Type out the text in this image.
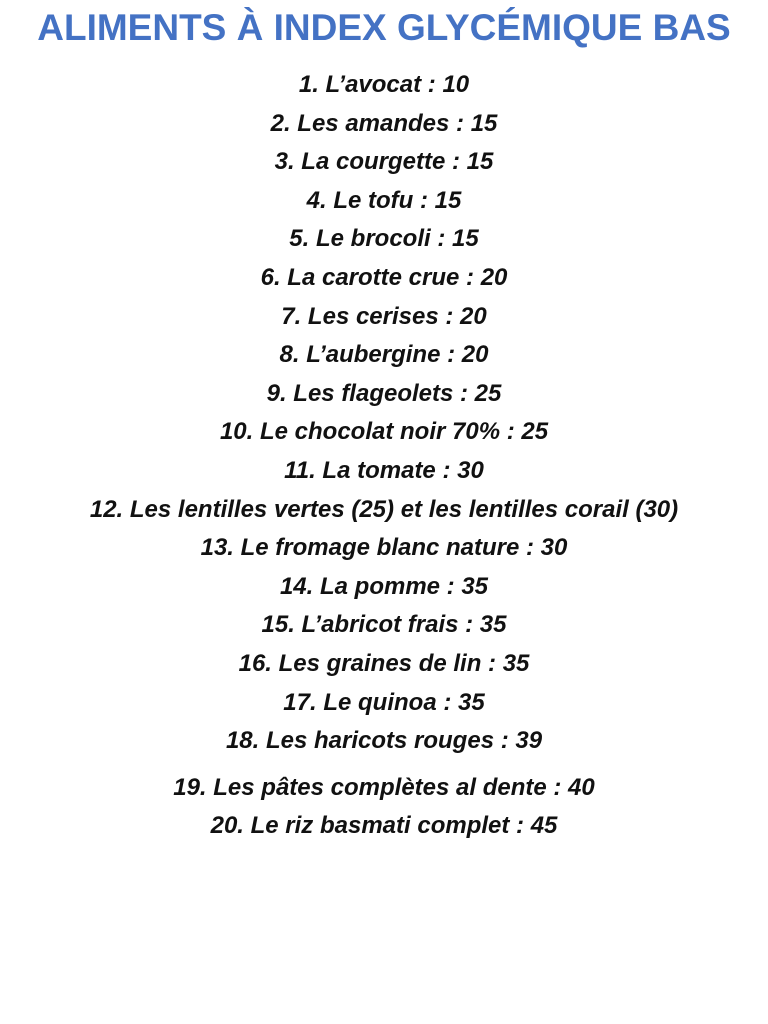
ALIMENTS À INDEX GLYCÉMIQUE BAS
1. L’avocat : 10
2. Les amandes : 15
3. La courgette : 15
4. Le tofu : 15
5. Le brocoli : 15
6. La carotte crue : 20
7. Les cerises : 20
8. L’aubergine : 20
9. Les flageolets : 25
10. Le chocolat noir 70% : 25
11. La tomate : 30
12. Les lentilles vertes (25) et les lentilles corail (30)
13. Le fromage blanc nature : 30
14. La pomme : 35
15. L’abricot frais : 35
16. Les graines de lin : 35
17. Le quinoa : 35
18. Les haricots rouges : 39
19. Les pâtes complètes al dente : 40
20. Le riz basmati complet : 45
